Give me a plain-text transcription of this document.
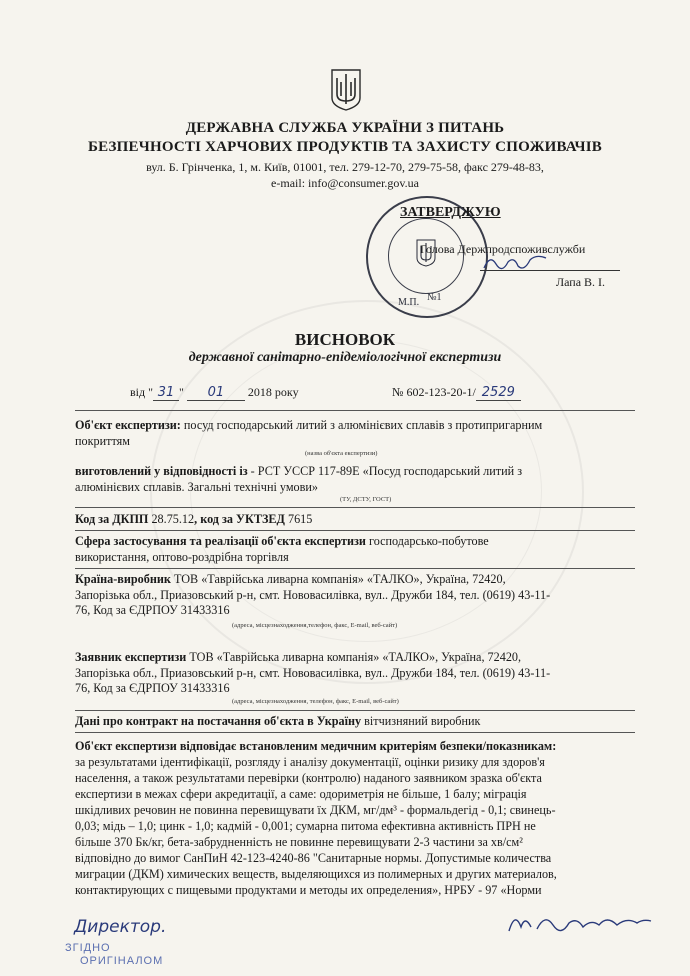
ДЕРЖАВНА СЛУЖБА УКРАЇНИ З ПИТАНЬ
БЕЗПЕЧНОСТІ ХАРЧОВИХ ПРОДУКТІВ ТА ЗАХИСТУ СПОЖИВАЧІВ
вул. Б. Грінченка, 1, м. Київ, 01001, тел. 279-12-70, 279-75-58, факс 279-48-83,
e-mail: info@consumer.gov.ua
М.П. №1
ЗАТВЕРДЖУЮ
Голова Держпродспоживслужби
Лапа В. І.
ВИСНОВОК
державної санітарно-епідеміологічної експертизи
від " 31 " 01 2018 року	№ 602-123-20-1/ 2529
Об'єкт експертизи: посуд господарський литий з алюмінієвих сплавів з протипригарним
покриттям
(назва об'єкта експертизи)
виготовлений у відповідності із - РСТ УССР 117-89Е «Посуд господарський литий з
алюмінієвих сплавів. Загальні технічні умови»
(ТУ, ДСТУ, ГОСТ)
Код за ДКПП 28.75.12, код за УКТЗЕД 7615
Сфера застосування та реалізації об'єкта експертизи господарсько-побутове
використання, оптово-роздрібна торгівля
Країна-виробник ТОВ «Таврійська ливарна компанія» «ТАЛКО», Україна, 72420,
Запорізька обл., Приазовський р-н, смт. Нововасилівка, вул.. Дружби 184, тел. (0619) 43-11-
76, Код за ЄДРПОУ 31433316
(адреса, місцезнаходження,телефон, факс, E-mail, веб-сайт)
Заявник експертизи ТОВ «Таврійська ливарна компанія» «ТАЛКО», Україна, 72420,
Запорізька обл., Приазовський р-н, смт. Нововасилівка, вул.. Дружби 184, тел. (0619) 43-11-
76, Код за ЄДРПОУ 31433316
(адреса, місцезнаходження, телефон, факс, E-mail, веб-сайт)
Дані про контракт на постачання об'єкта в Україну вітчизняний виробник
Об'єкт експертизи відповідає встановленим медичним критеріям безпеки/показникам:
за результатами ідентифікації, розгляду і аналізу документації, оцінки ризику для здоров'я
населення, а також результатами перевірки (контролю) наданого заявником зразка об'єкта
експертизи в межах сфери акредитації, а саме: одориметрія не більше, 1 балу; міграція
шкідливих речовин не повинна перевищувати їх ДКМ, мг/дм³ - формальдегід - 0,1; свинець-
0,03; мідь – 1,0; цинк - 1,0; кадмій - 0,001; сумарна питома ефективна активність ПРН не
більше 370 Бк/кг, бета-забрудненність не повинне перевищувати 2-3 частини за хв/см²
відповідно до вимог СанПиН 42-123-4240-86 "Санитарные нормы. Допустимые количества
миграции (ДКМ) химических веществ, выделяющихся из полимерных и других материалов,
контактирующих с пищевыми продуктами и методы их определения», НРБУ - 97 «Норми
Директор.
ЗГІДНО
ОРИГІНАЛОМ
